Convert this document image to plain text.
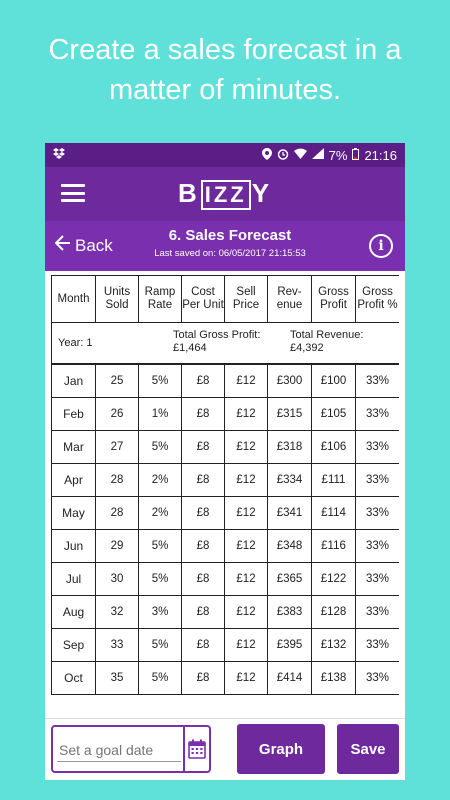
Create a sales forecast in a
matter of minutes.
7% 21:16
B IZZ Y
Back	6. Sales Forecast
Last saved on: 06/05/2017 21:15:53	i
Month	Units Sold	Ramp Rate	Cost Per Unit	Sell Price	Rev-enue	Gross Profit	Gross Profit %

Year: 1
Total Gross Profit:
£1,464
Total Revenue:
£4,392							

Jan	25	5%	£8	£12	£300	£100	33%
Feb	26	1%	£8	£12	£315	£105	33%
Mar	27	5%	£8	£12	£318	£106	33%
Apr	28	2%	£8	£12	£334	£111	33%
May	28	2%	£8	£12	£341	£114	33%
Jun	29	5%	£8	£12	£348	£116	33%
Jul	30	5%	£8	£12	£365	£122	33%
Aug	32	3%	£8	£12	£383	£128	33%
Sep	33	5%	£8	£12	£395	£132	33%
Oct	35	5%	£8	£12	£414	£138	33%
Set a goal date
Graph	Save
